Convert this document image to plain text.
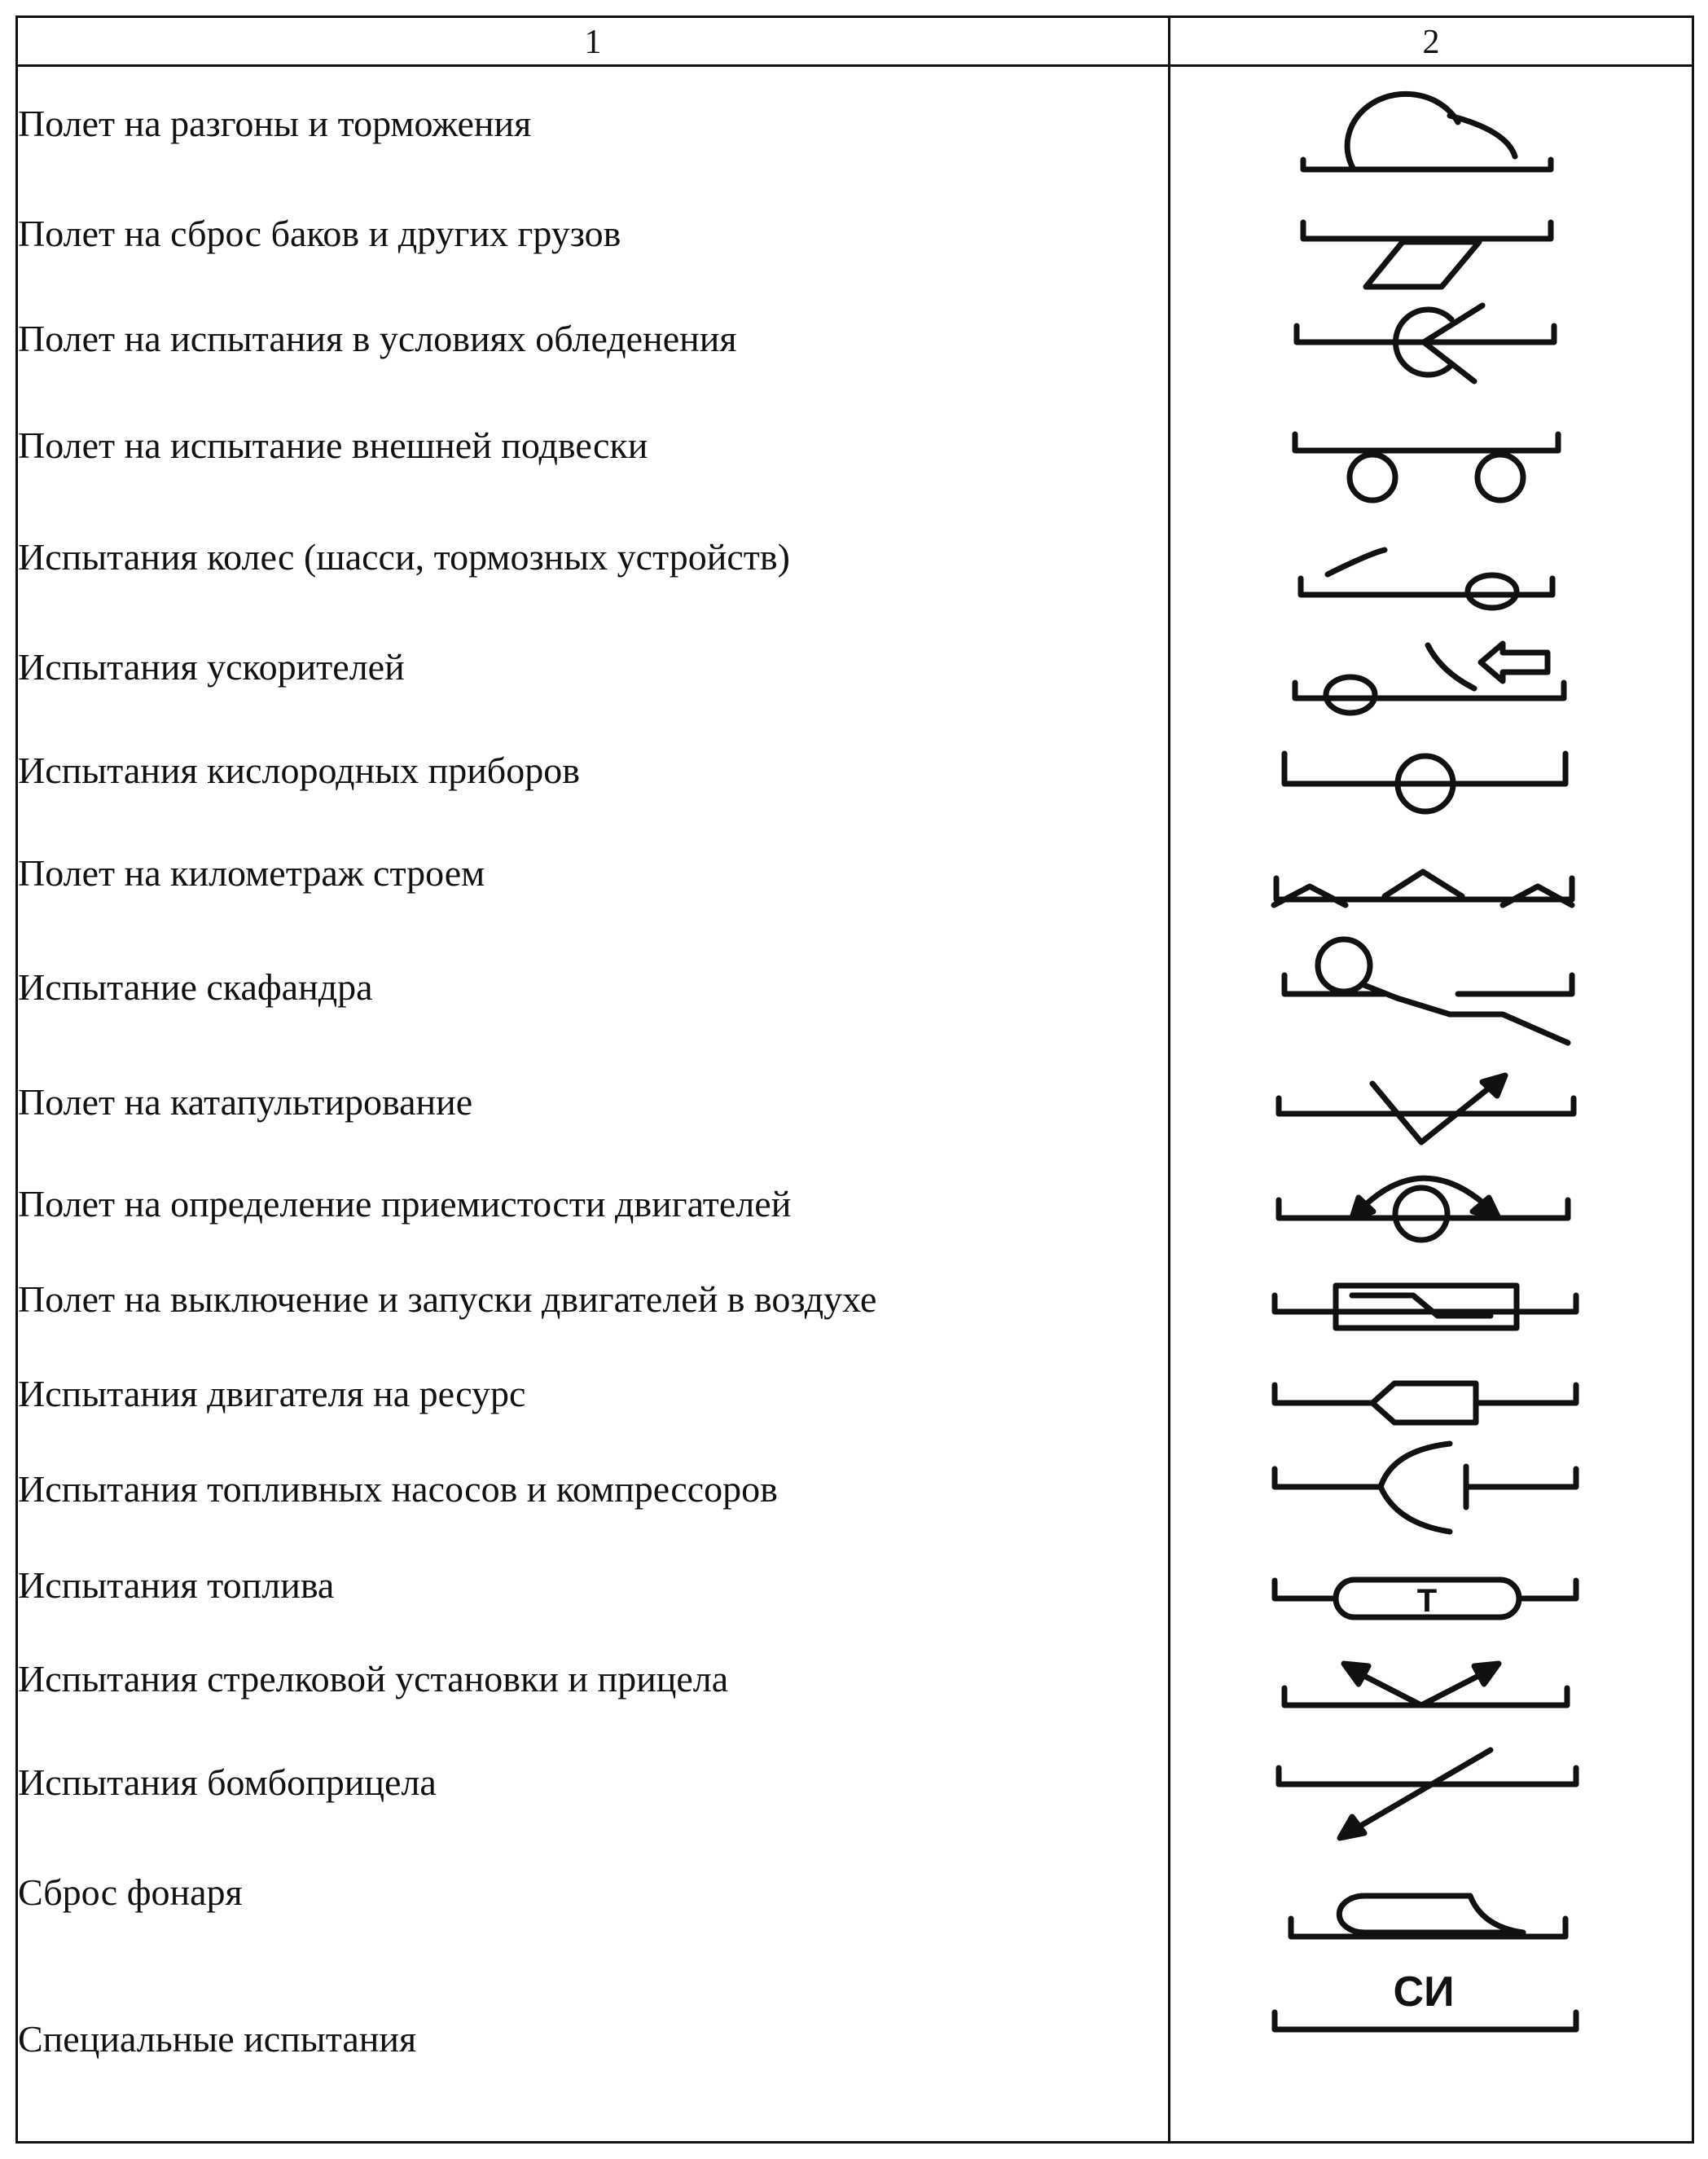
1	2
Полет на разгоны и торможения
Полет на сброс баков и других грузов
Полет на испытания в условиях обледенения
Полет на испытание внешней подвески
Испытания колес (шасси, тормозных устройств)
Испытания ускорителей
Испытания кислородных приборов
Полет на километраж строем
Испытание скафандра
Полет на катапультирование
Полет на определение приемистости двигателей
Полет на выключение и запуски двигателей в воздухе
Испытания двигателя на ресурс
Испытания топливных насосов и компрессоров
Испытания топлива
Испытания стрелковой установки и прицела
Испытания бомбоприцела
Сброс фонаря
Специальные испытания
Т
СИ
